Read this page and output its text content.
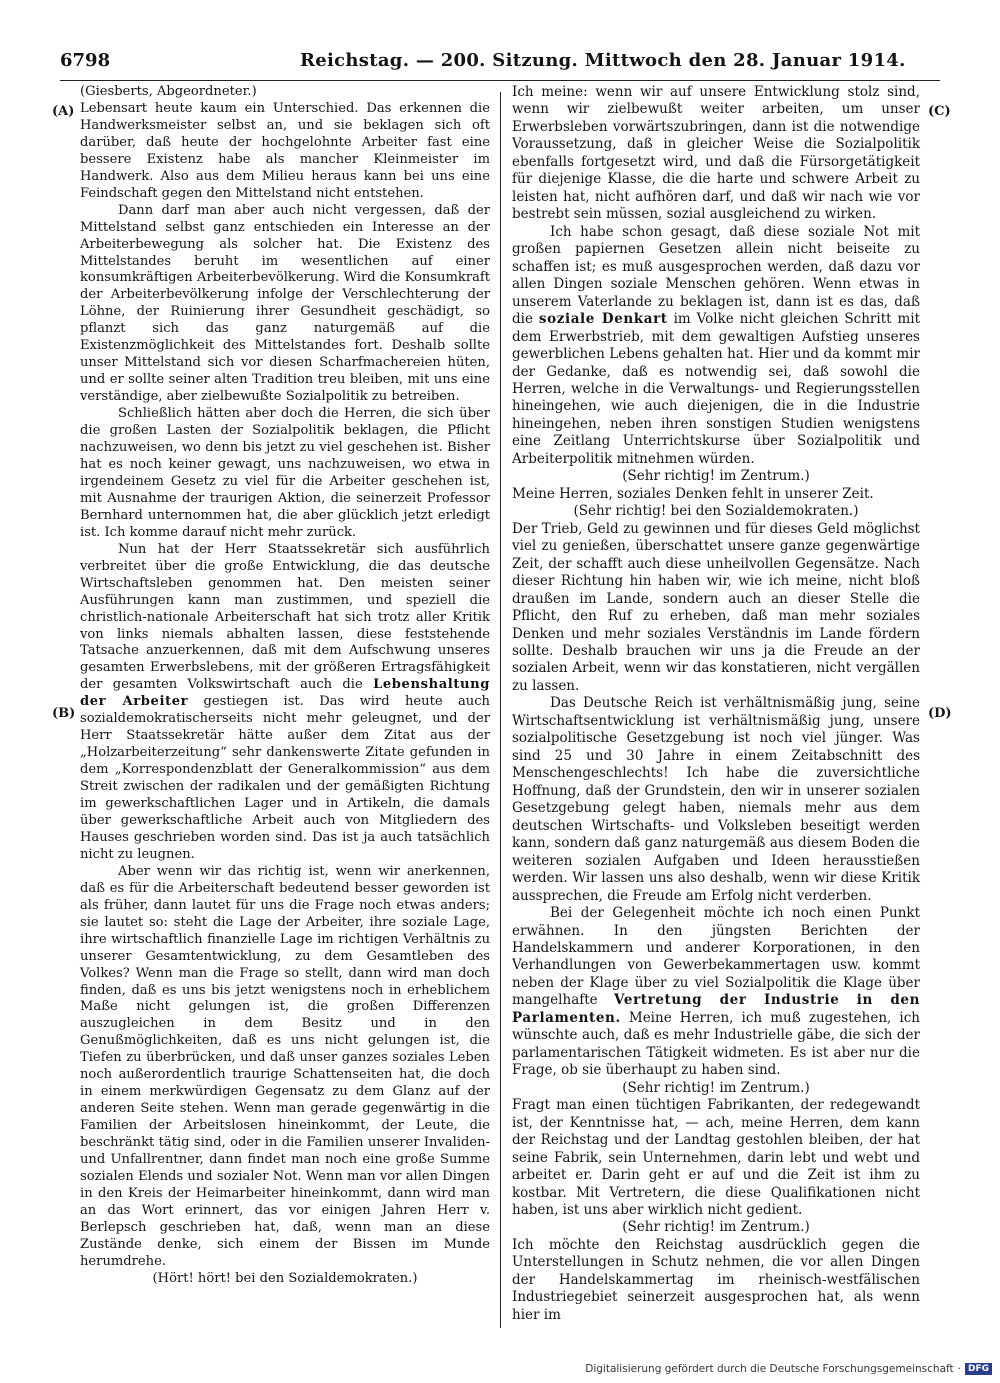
6798	Reichstag. — 200. Sitzung. Mittwoch den 28. Januar 1914.
(A)
(B)
(C)
(D)

(Giesberts, Abgeordneter.)

Lebensart heute kaum ein Unterschied. Das erkennen die Handwerksmeister selbst an, und sie beklagen sich oft darüber, daß heute der hochgelohnte Arbeiter fast eine bessere Existenz habe als mancher Kleinmeister im Handwerk. Also aus dem Milieu heraus kann bei uns eine Feindschaft gegen den Mittelstand nicht entstehen.

Dann darf man aber auch nicht vergessen, daß der Mittelstand selbst ganz entschieden ein Interesse an der Arbeiterbewegung als solcher hat. Die Existenz des Mittelstandes beruht im wesentlichen auf einer konsumkräftigen Arbeiterbevölkerung. Wird die Konsumkraft der Arbeiterbevölkerung infolge der Verschlechterung der Löhne, der Ruinierung ihrer Gesundheit geschädigt, so pflanzt sich das ganz naturgemäß auf die Existenzmöglichkeit des Mittelstandes fort. Deshalb sollte unser Mittelstand sich vor diesen Scharfmachereien hüten, und er sollte seiner alten Tradition treu bleiben, mit uns eine verständige, aber zielbewußte Sozialpolitik zu betreiben.

Schließlich hätten aber doch die Herren, die sich über die großen Lasten der Sozialpolitik beklagen, die Pflicht nachzuweisen, wo denn bis jetzt zu viel geschehen ist. Bisher hat es noch keiner gewagt, uns nachzuweisen, wo etwa in irgendeinem Gesetz zu viel für die Arbeiter geschehen ist, mit Ausnahme der traurigen Aktion, die seinerzeit Professor Bernhard unternommen hat, die aber glücklich jetzt erledigt ist. Ich komme darauf nicht mehr zurück.

Nun hat der Herr Staatssekretär sich ausführlich verbreitet über die große Entwicklung, die das deutsche Wirtschaftsleben genommen hat. Den meisten seiner Ausführungen kann man zustimmen, und speziell die christlich-nationale Arbeiterschaft hat sich trotz aller Kritik von links niemals abhalten lassen, diese feststehende Tatsache anzuerkennen, daß mit dem Aufschwung unseres gesamten Erwerbslebens, mit der größeren Ertragsfähigkeit der gesamten Volkswirtschaft auch die Lebenshaltung der Arbeiter gestiegen ist. Das wird heute auch sozialdemokratischerseits nicht mehr geleugnet, und der Herr Staatssekretär hätte außer dem Zitat aus der „Holzarbeiterzeitung“ sehr dankenswerte Zitate gefunden in dem „Korrespondenzblatt der Generalkommission“ aus dem Streit zwischen der radikalen und der gemäßigten Richtung im gewerkschaftlichen Lager und in Artikeln, die damals über gewerkschaftliche Arbeit auch von Mitgliedern des Hauses geschrieben worden sind. Das ist ja auch tatsächlich nicht zu leugnen.

Aber wenn wir das richtig ist, wenn wir anerkennen, daß es für die Arbeiterschaft bedeutend besser geworden ist als früher, dann lautet für uns die Frage noch etwas anders; sie lautet so: steht die Lage der Arbeiter, ihre soziale Lage, ihre wirtschaftlich finanzielle Lage im richtigen Verhältnis zu unserer Gesamtentwicklung, zu dem Gesamtleben des Volkes? Wenn man die Frage so stellt, dann wird man doch finden, daß es uns bis jetzt wenigstens noch in erheblichem Maße nicht gelungen ist, die großen Differenzen auszugleichen in dem Besitz und in den Genußmöglichkeiten, daß es uns nicht gelungen ist, die Tiefen zu überbrücken, und daß unser ganzes soziales Leben noch außerordentlich traurige Schattenseiten hat, die doch in einem merkwürdigen Gegensatz zu dem Glanz auf der anderen Seite stehen. Wenn man gerade gegenwärtig in die Familien der Arbeitslosen hineinkommt, der Leute, die beschränkt tätig sind, oder in die Familien unserer Invaliden- und Unfallrentner, dann findet man noch eine große Summe sozialen Elends und sozialer Not. Wenn man vor allen Dingen in den Kreis der Heimarbeiter hineinkommt, dann wird man an das Wort erinnert, das vor einigen Jahren Herr v. Berlepsch geschrieben hat, daß, wenn man an diese Zustände denke, sich einem der Bissen im Munde herumdrehe.

(Hört! hört! bei den Sozialdemokraten.)

Ich meine: wenn wir auf unsere Entwicklung stolz sind, wenn wir zielbewußt weiter arbeiten, um unser Erwerbsleben vorwärtszubringen, dann ist die notwendige Voraussetzung, daß in gleicher Weise die Sozialpolitik ebenfalls fortgesetzt wird, und daß die Fürsorgetätigkeit für diejenige Klasse, die die harte und schwere Arbeit zu leisten hat, nicht aufhören darf, und daß wir nach wie vor bestrebt sein müssen, sozial ausgleichend zu wirken.

Ich habe schon gesagt, daß diese soziale Not mit großen papiernen Gesetzen allein nicht beiseite zu schaffen ist; es muß ausgesprochen werden, daß dazu vor allen Dingen soziale Menschen gehören. Wenn etwas in unserem Vaterlande zu beklagen ist, dann ist es das, daß die soziale Denkart im Volke nicht gleichen Schritt mit dem Erwerbstrieb, mit dem gewaltigen Aufstieg unseres gewerblichen Lebens gehalten hat. Hier und da kommt mir der Gedanke, daß es notwendig sei, daß sowohl die Herren, welche in die Verwaltungs- und Regierungsstellen hineingehen, wie auch diejenigen, die in die Industrie hineingehen, neben ihren sonstigen Studien wenigstens eine Zeitlang Unterrichtskurse über Sozialpolitik und Arbeiterpolitik mitnehmen würden.

(Sehr richtig! im Zentrum.)

Meine Herren, soziales Denken fehlt in unserer Zeit.

(Sehr richtig! bei den Sozialdemokraten.)

Der Trieb, Geld zu gewinnen und für dieses Geld möglichst viel zu genießen, überschattet unsere ganze gegenwärtige Zeit, der schafft auch diese unheilvollen Gegensätze. Nach dieser Richtung hin haben wir, wie ich meine, nicht bloß draußen im Lande, sondern auch an dieser Stelle die Pflicht, den Ruf zu erheben, daß man mehr soziales Denken und mehr soziales Verständnis im Lande fördern sollte. Deshalb brauchen wir uns ja die Freude an der sozialen Arbeit, wenn wir das konstatieren, nicht vergällen zu lassen.

Das Deutsche Reich ist verhältnismäßig jung, seine Wirtschaftsentwicklung ist verhältnismäßig jung, unsere sozialpolitische Gesetzgebung ist noch viel jünger. Was sind 25 und 30 Jahre in einem Zeitabschnitt des Menschengeschlechts! Ich habe die zuversichtliche Hoffnung, daß der Grundstein, den wir in unserer sozialen Gesetzgebung gelegt haben, niemals mehr aus dem deutschen Wirtschafts- und Volksleben beseitigt werden kann, sondern daß ganz naturgemäß aus diesem Boden die weiteren sozialen Aufgaben und Ideen herausstießen werden. Wir lassen uns also deshalb, wenn wir diese Kritik aussprechen, die Freude am Erfolg nicht verderben.

Bei der Gelegenheit möchte ich noch einen Punkt erwähnen. In den jüngsten Berichten der Handelskammern und anderer Korporationen, in den Verhandlungen von Gewerbekammertagen usw. kommt neben der Klage über zu viel Sozialpolitik die Klage über mangelhafte Vertretung der Industrie in den Parlamenten. Meine Herren, ich muß zugestehen, ich wünschte auch, daß es mehr Industrielle gäbe, die sich der parlamentarischen Tätigkeit widmeten. Es ist aber nur die Frage, ob sie überhaupt zu haben sind.

(Sehr richtig! im Zentrum.)

Fragt man einen tüchtigen Fabrikanten, der redegewandt ist, der Kenntnisse hat, — ach, meine Herren, dem kann der Reichstag und der Landtag gestohlen bleiben, der hat seine Fabrik, sein Unternehmen, darin lebt und webt und arbeitet er. Darin geht er auf und die Zeit ist ihm zu kostbar. Mit Vertretern, die diese Qualifikationen nicht haben, ist uns aber wirklich nicht gedient.

(Sehr richtig! im Zentrum.)

Ich möchte den Reichstag ausdrücklich gegen die Unterstellungen in Schutz nehmen, die vor allen Dingen der Handelskammertag im rheinisch-westfälischen Industriegebiet seinerzeit ausgesprochen hat, als wenn hier im

Digitalisierung gefördert durch die Deutsche Forschungsgemeinschaft · DFG
